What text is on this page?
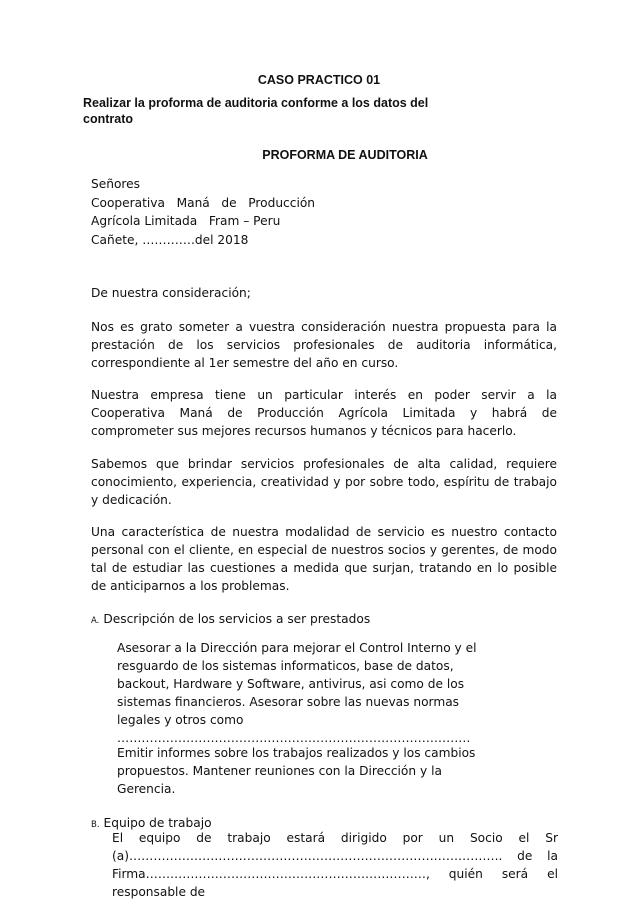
CASO PRACTICO 01
Realizar la proforma de auditoria conforme a los datos del contrato
PROFORMA DE AUDITORIA
Señores
Cooperativa   Maná   de   Producción
Agrícola Limitada   Fram – Peru
Cañete, ………….del 2018
De nuestra consideración;
Nos es grato someter a vuestra consideración nuestra propuesta para la prestación de los servicios profesionales de auditoria informática, correspondiente al 1er semestre del año en curso.
Nuestra empresa tiene un particular interés en poder servir a la Cooperativa Maná de Producción Agrícola Limitada y habrá de comprometer sus mejores recursos humanos y técnicos para hacerlo.
Sabemos que brindar servicios profesionales de alta calidad, requiere conocimiento, experiencia, creatividad y por sobre todo, espíritu de trabajo y dedicación.
Una característica de nuestra modalidad de servicio es nuestro contacto personal con el cliente, en especial de nuestros socios y gerentes, de modo tal de estudiar las cuestiones a medida que surjan, tratando en lo posible de anticiparnos a los problemas.
A. Descripción de los servicios a ser prestados
Asesorar a la Dirección para mejorar el Control Interno y el resguardo de los sistemas informaticos, base de datos, backout, Hardware y Software, antivirus, asi como de los sistemas financieros. Asesorar sobre las nuevas normas legales y otros como ……………………………………………………………………………
Emitir informes sobre los trabajos realizados y los cambios propuestos. Mantener reuniones con la Dirección y la Gerencia.
B. Equipo de trabajo
El equipo de trabajo estará dirigido por un Socio el Sr (a)……………………………………………………………………………….. de la Firma……………………………………………………………, quién será el responsable de
